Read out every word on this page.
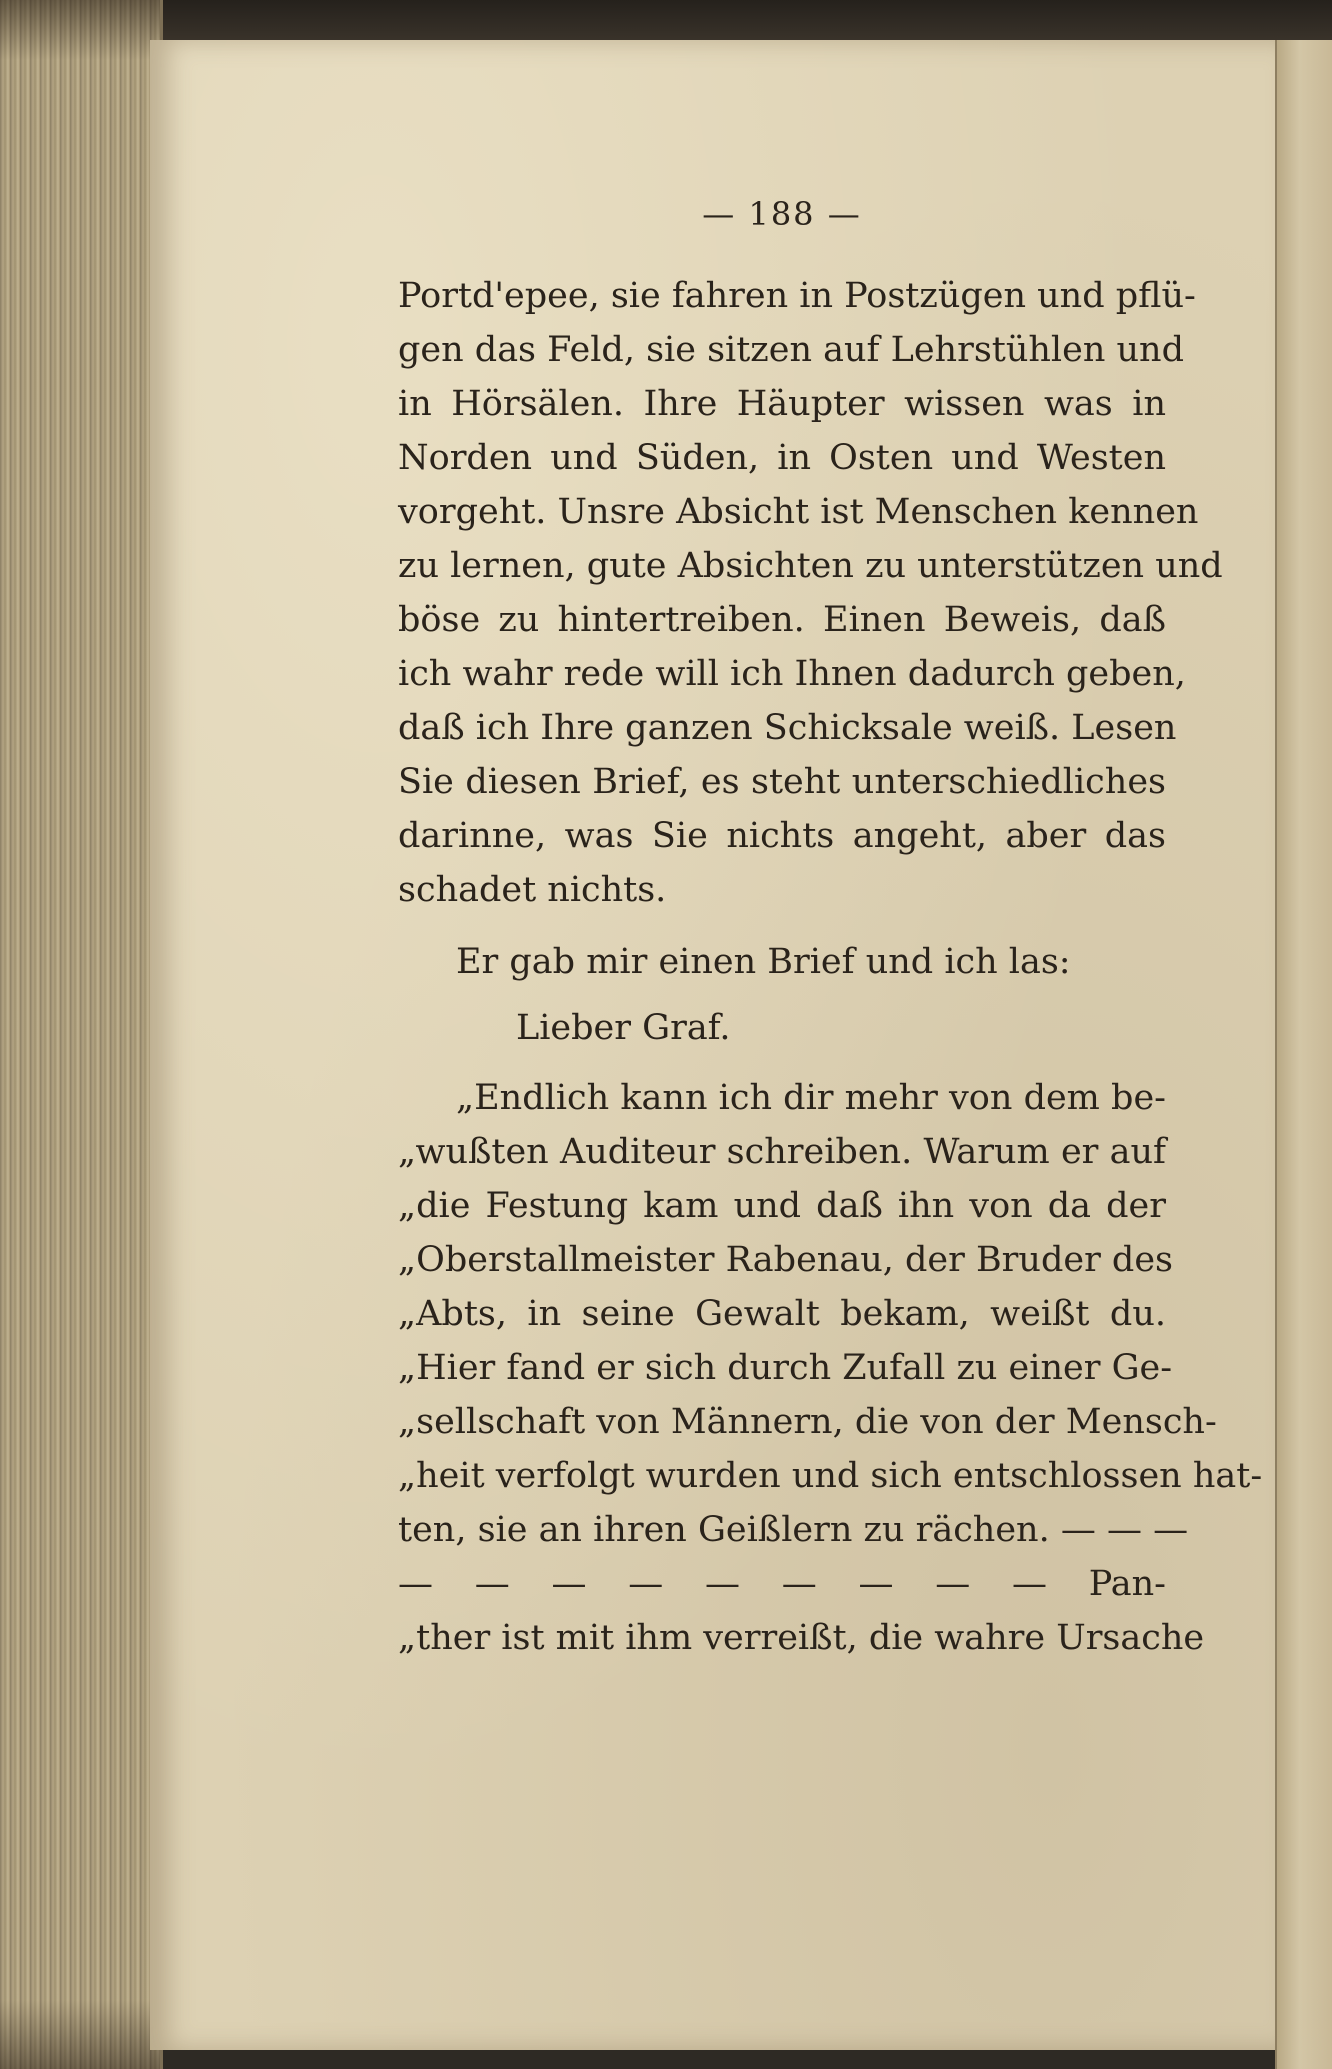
— 188 —
Portd'epee, sie fahren in Postzügen und pflü-
gen das Feld, sie sitzen auf Lehrstühlen und
in Hörsälen. Ihre Häupter wissen was in
Norden und Süden, in Osten und Westen
vorgeht. Unsre Absicht ist Menschen kennen
zu lernen, gute Absichten zu unterstützen und
böse zu hintertreiben. Einen Beweis, daß
ich wahr rede will ich Ihnen dadurch geben,
daß ich Ihre ganzen Schicksale weiß. Lesen
Sie diesen Brief, es steht unterschiedliches
darinne, was Sie nichts angeht, aber das
schadet nichts.
Er gab mir einen Brief und ich las:
Lieber Graf.
„Endlich kann ich dir mehr von dem be-
„wußten Auditeur schreiben. Warum er auf
„die Festung kam und daß ihn von da der
„Oberstallmeister Rabenau, der Bruder des
„Abts, in seine Gewalt bekam, weißt du.
„Hier fand er sich durch Zufall zu einer Ge-
„sellschaft von Männern, die von der Mensch-
„heit verfolgt wurden und sich entschlossen hat-
ten, sie an ihren Geißlern zu rächen. — — —
— — — — — — — — — Pan-
„ther ist mit ihm verreißt, die wahre Ursache
